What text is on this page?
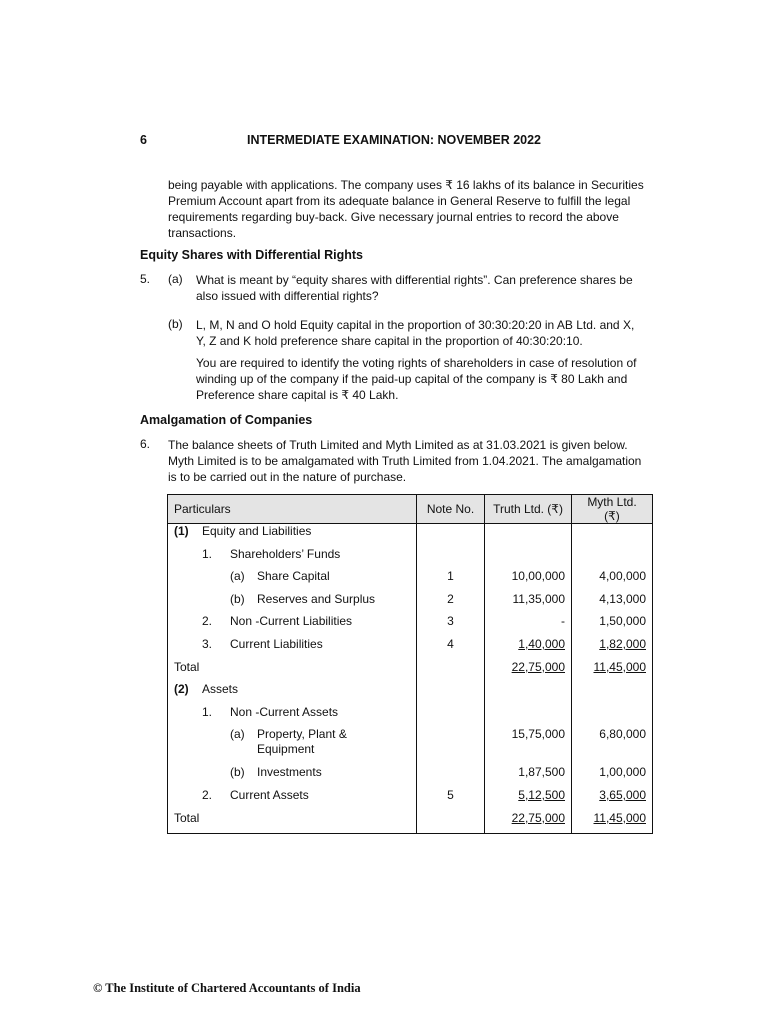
6	INTERMEDIATE EXAMINATION: NOVEMBER 2022
being payable with applications. The company uses ₹ 16 lakhs of its balance in Securities
Premium Account apart from its adequate balance in General Reserve to fulfill the legal
requirements regarding buy-back. Give necessary journal entries to record the above
transactions.
Equity Shares with Differential Rights
5. (a) What is meant by “equity shares with differential rights”. Can preference shares be
also issued with differential rights?
(b) L, M, N and O hold Equity capital in the proportion of 30:30:20:20 in AB Ltd. and X,
Y, Z and K hold preference share capital in the proportion of 40:30:20:10.
You are required to identify the voting rights of shareholders in case of resolution of
winding up of the company if the paid-up capital of the company is ₹ 80 Lakh and
Preference share capital is ₹ 40 Lakh.
Amalgamation of Companies
6. The balance sheets of Truth Limited and Myth Limited as at 31.03.2021 is given below.
Myth Limited is to be amalgamated with Truth Limited from 1.04.2021. The amalgamation
is to be carried out in the nature of purchase.
Particulars	Note No.	Truth Ltd. (₹)	Myth Ltd. (₹)
(1) Equity and Liabilities			
1. Shareholders’ Funds			
(a) Share Capital	1	10,00,000	4,00,000
(b) Reserves and Surplus	2	11,35,000	4,13,000
2. Non -Current Liabilities	3	-	1,50,000
3. Current Liabilities	4	1,40,000	1,82,000
Total		22,75,000	11,45,000
(2) Assets			
1. Non -Current Assets			

(a) Property, Plant &
Equipment		15,75,000	6,80,000
(b) Investments		1,87,500	1,00,000
2. Current Assets	5	5,12,500	3,65,000
Total		22,75,000	11,45,000
© The Institute of Chartered Accountants of India
